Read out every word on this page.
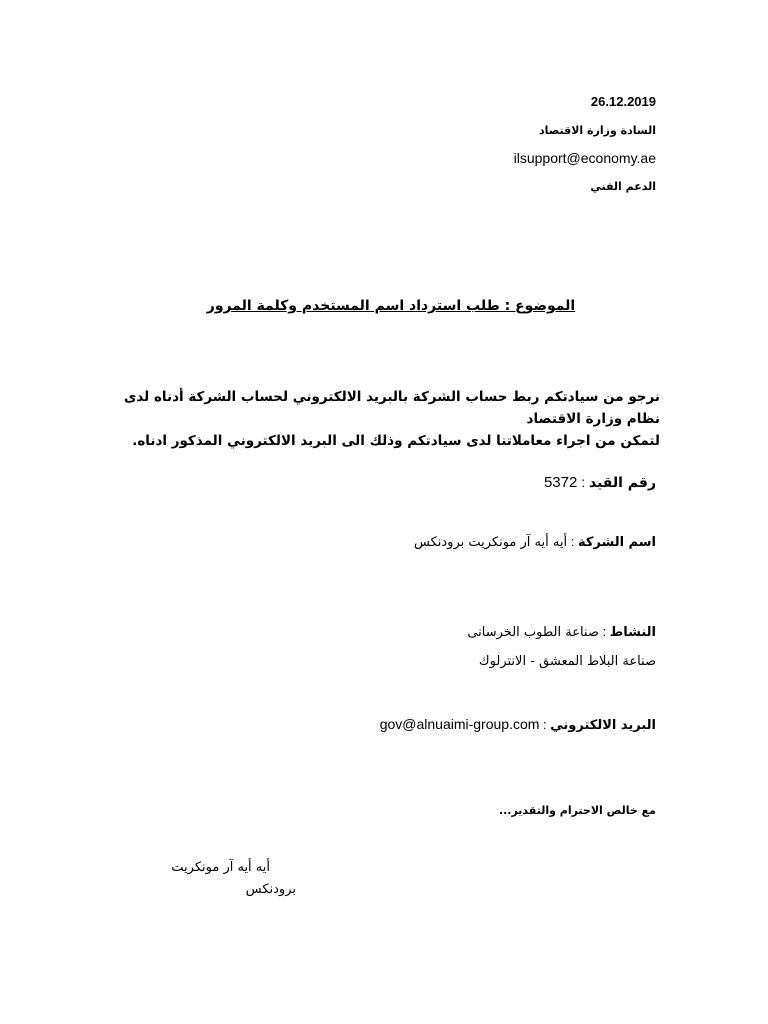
26.12.2019
السادة وزارة الاقتصاد
ilsupport@economy.ae
الدعم الفني
الموضوع : طلب استرداد اسم المستخدم وكلمة المرور
نرجو من سيادتكم ربط حساب الشركة بالبريد الالكتروني لحساب الشركة أدناه لدى نظام وزارة الاقتصاد
لتمكن من اجراء معاملاتنا لدى سيادتكم وذلك الى البريد الالكتروني المذكور ادناه.
رقم القيد : 5372
اسم الشركة : أيه أيه آر مونكريت برودنكس
النشاط : صناعة الطوب الخرسانى
صناعة البلاط المعشق - الانترلوك
البريد الالكتروني : gov@alnuaimi-group.com
مع خالص الاحترام والتقدير...
أيه أيه آر مونكريت
برودنكس
